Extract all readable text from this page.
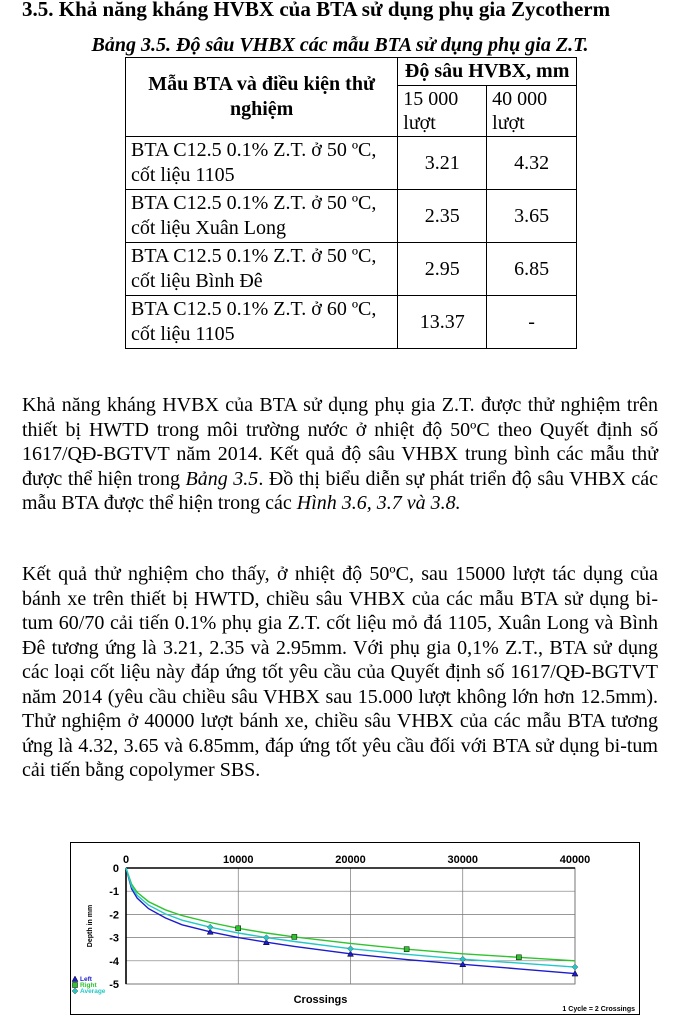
3.5. Khả năng kháng HVBX của BTA sử dụng phụ gia Zycotherm

Bảng 3.5. Độ sâu VHBX các mẫu BTA sử dụng phụ gia Z.T.

Mẫu BTA và điều kiện thử nghiệm	Độ sâu HVBX, mm	
	15 000 lượt	40 000 lượt
BTA C12.5 0.1% Z.T. ở 50 ºC, cốt liệu 1105	3.21	4.32
BTA C12.5 0.1% Z.T. ở 50 ºC, cốt liệu Xuân Long	2.35	3.65
BTA C12.5 0.1% Z.T. ở 50 ºC, cốt liệu Bình Đê	2.95	6.85
BTA C12.5 0.1% Z.T. ở 60 ºC, cốt liệu 1105	13.37	-

Khả năng kháng HVBX của BTA sử dụng phụ gia Z.T. được thử nghiệm trên thiết bị HWTD trong môi trường nước ở nhiệt độ 50ºC theo Quyết định số 1617/QĐ-BGTVT năm 2014. Kết quả độ sâu VHBX trung bình các mẫu thử được thể hiện trong Bảng 3.5. Đồ thị biểu diễn sự phát triển độ sâu VHBX các mẫu BTA được thể hiện trong các Hình 3.6, 3.7 và 3.8.

Kết quả thử nghiệm cho thấy, ở nhiệt độ 50ºC, sau 15000 lượt tác dụng của bánh xe trên thiết bị HWTD, chiều sâu VHBX của các mẫu BTA sử dụng bi-tum 60/70 cải tiến 0.1% phụ gia Z.T. cốt liệu mỏ đá 1105, Xuân Long và Bình Đê tương ứng là 3.21, 2.35 và 2.95mm. Với phụ gia 0,1% Z.T., BTA sử dụng các loại cốt liệu này đáp ứng tốt yêu cầu của Quyết định số 1617/QĐ-BGTVT năm 2014 (yêu cầu chiều sâu VHBX sau 15.000 lượt không lớn hơn 12.5mm). Thử nghiệm ở 40000 lượt bánh xe, chiều sâu VHBX của các mẫu BTA tương ứng là 4.32, 3.65 và 6.85mm, đáp ứng tốt yêu cầu đối với BTA sử dụng bi-tum cải tiến bằng copolymer SBS.

0	10000	20000	30000	40000
0
-1
-2
-3
-4
-5
Depth in mm
Crossings
1 Cycle = 2 Crossings
Left
Right
Average
